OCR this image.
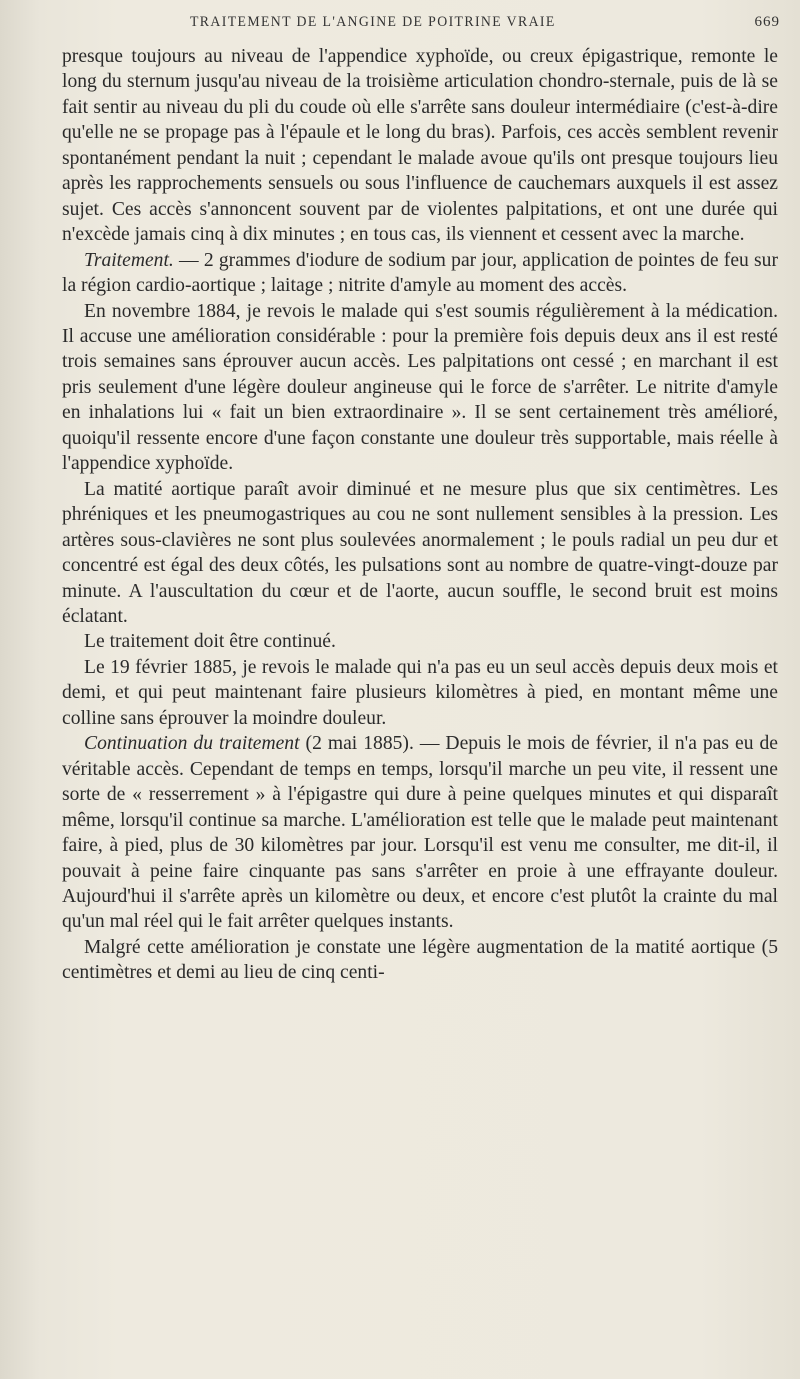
TRAITEMENT DE L'ANGINE DE POITRINE VRAIE	669

presque toujours au niveau de l'appendice xyphoïde, ou creux épigastrique, remonte le long du sternum jusqu'au niveau de la troisième articulation chondro-sternale, puis de là se fait sentir au niveau du pli du coude où elle s'arrête sans douleur intermédiaire (c'est-à-dire qu'elle ne se propage pas à l'épaule et le long du bras). Parfois, ces accès semblent revenir spontanément pendant la nuit ; cependant le malade avoue qu'ils ont presque toujours lieu après les rapprochements sensuels ou sous l'influence de cauchemars auxquels il est assez sujet. Ces accès s'annoncent souvent par de violentes palpitations, et ont une durée qui n'excède jamais cinq à dix minutes ; en tous cas, ils viennent et cessent avec la marche.

Traitement. — 2 grammes d'iodure de sodium par jour, application de pointes de feu sur la région cardio-aortique ; laitage ; nitrite d'amyle au moment des accès.

En novembre 1884, je revois le malade qui s'est soumis régulièrement à la médication. Il accuse une amélioration considérable : pour la première fois depuis deux ans il est resté trois semaines sans éprouver aucun accès. Les palpitations ont cessé ; en marchant il est pris seulement d'une légère douleur angineuse qui le force de s'arrêter. Le nitrite d'amyle en inhalations lui « fait un bien extraordinaire ». Il se sent certainement très amélioré, quoiqu'il ressente encore d'une façon constante une douleur très supportable, mais réelle à l'appendice xyphoïde.

La matité aortique paraît avoir diminué et ne mesure plus que six centimètres. Les phréniques et les pneumogastriques au cou ne sont nullement sensibles à la pression. Les artères sous-clavières ne sont plus soulevées anormalement ; le pouls radial un peu dur et concentré est égal des deux côtés, les pulsations sont au nombre de quatre-vingt-douze par minute. A l'auscultation du cœur et de l'aorte, aucun souffle, le second bruit est moins éclatant.

Le traitement doit être continué.

Le 19 février 1885, je revois le malade qui n'a pas eu un seul accès depuis deux mois et demi, et qui peut maintenant faire plusieurs kilomètres à pied, en montant même une colline sans éprouver la moindre douleur.

Continuation du traitement (2 mai 1885). — Depuis le mois de février, il n'a pas eu de véritable accès. Cependant de temps en temps, lorsqu'il marche un peu vite, il ressent une sorte de « resserrement » à l'épigastre qui dure à peine quelques minutes et qui disparaît même, lorsqu'il continue sa marche. L'amélioration est telle que le malade peut maintenant faire, à pied, plus de 30 kilomètres par jour. Lorsqu'il est venu me consulter, me dit-il, il pouvait à peine faire cinquante pas sans s'arrêter en proie à une effrayante douleur. Aujourd'hui il s'arrête après un kilomètre ou deux, et encore c'est plutôt la crainte du mal qu'un mal réel qui le fait arrêter quelques instants.

Malgré cette amélioration je constate une légère augmentation de la matité aortique (5 centimètres et demi au lieu de cinq centi-
